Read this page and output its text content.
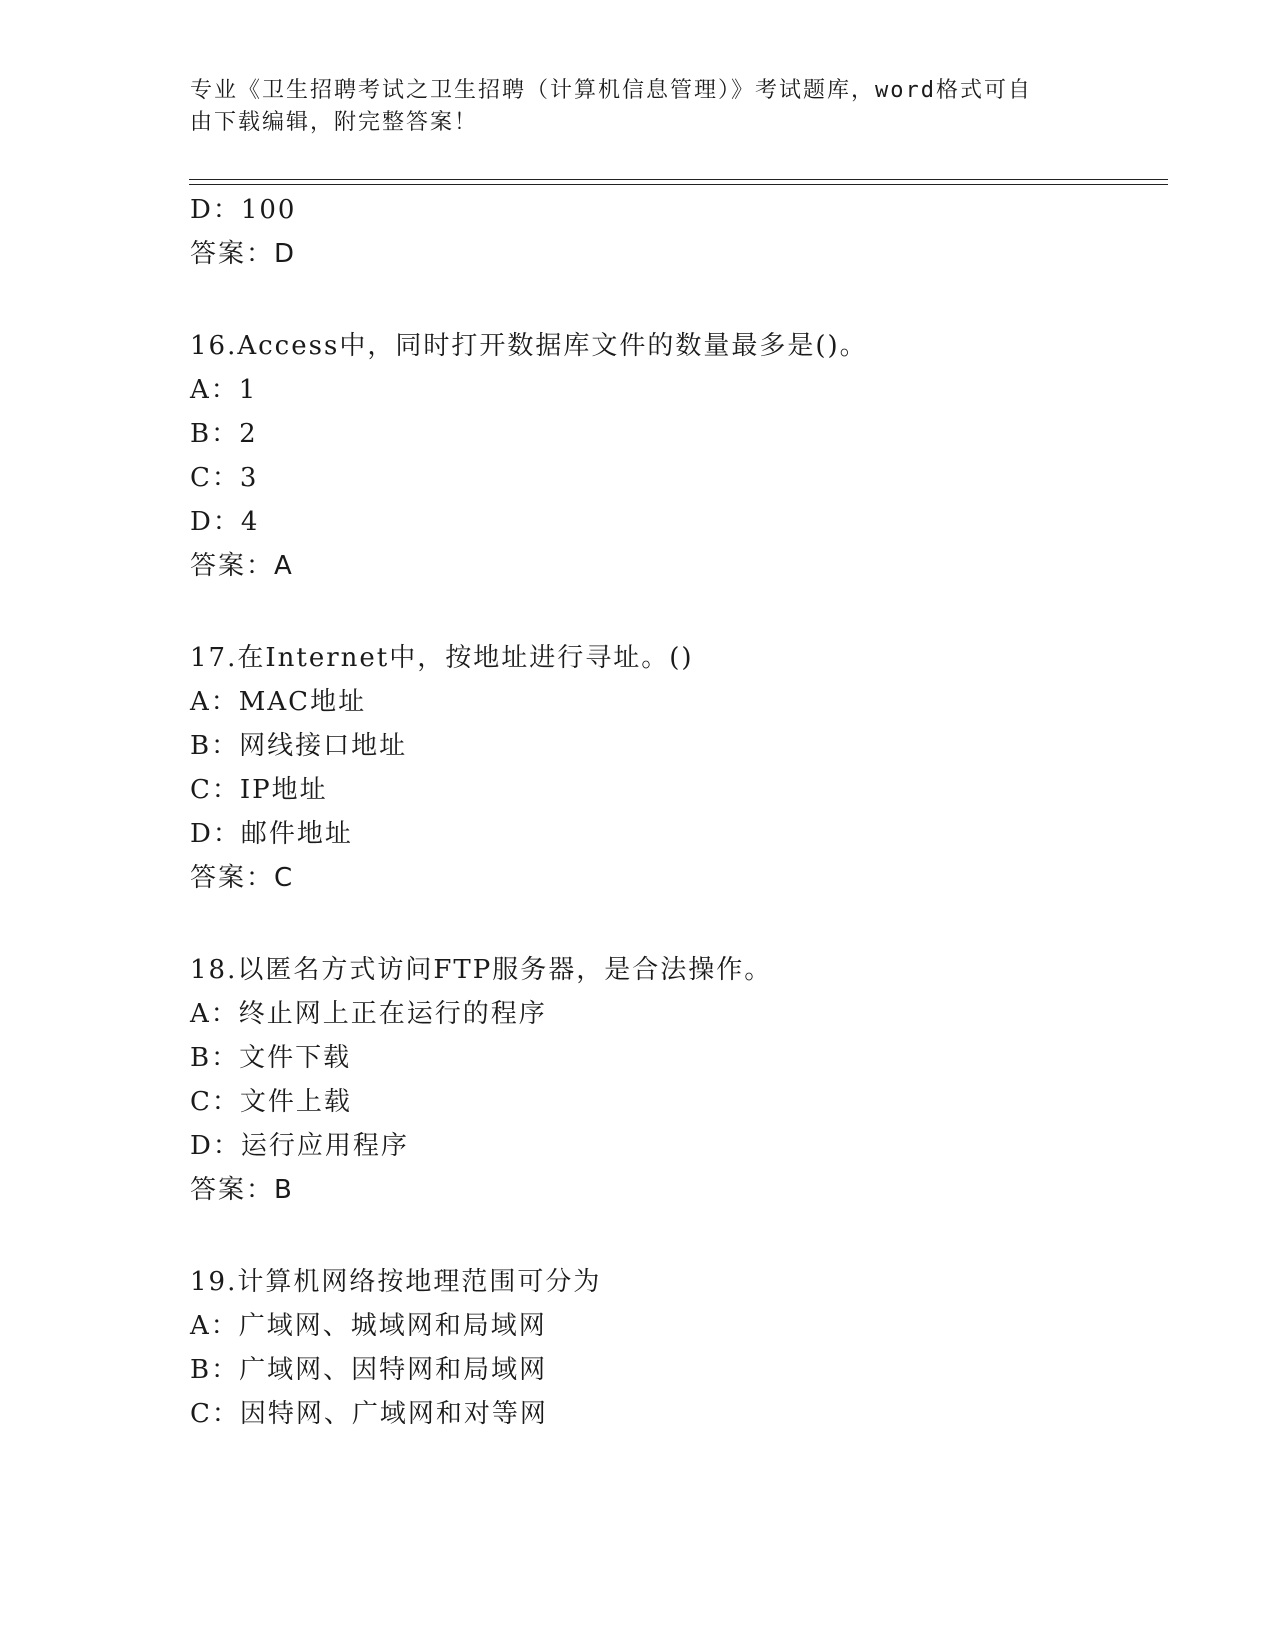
专业《卫生招聘考试之卫生招聘（计算机信息管理）》考试题库，word格式可自
由下载编辑，附完整答案！
D：100
答案：D
16.Access中，同时打开数据库文件的数量最多是()。
A：1
B：2
C：3
D：4
答案：A
17.在Internet中，按地址进行寻址。()
A：MAC地址
B：网线接口地址
C：IP地址
D：邮件地址
答案：C
18.以匿名方式访问FTP服务器，是合法操作。
A：终止网上正在运行的程序
B：文件下载
C：文件上载
D：运行应用程序
答案：B
19.计算机网络按地理范围可分为
A：广域网、城域网和局域网
B：广域网、因特网和局域网
C：因特网、广域网和对等网
